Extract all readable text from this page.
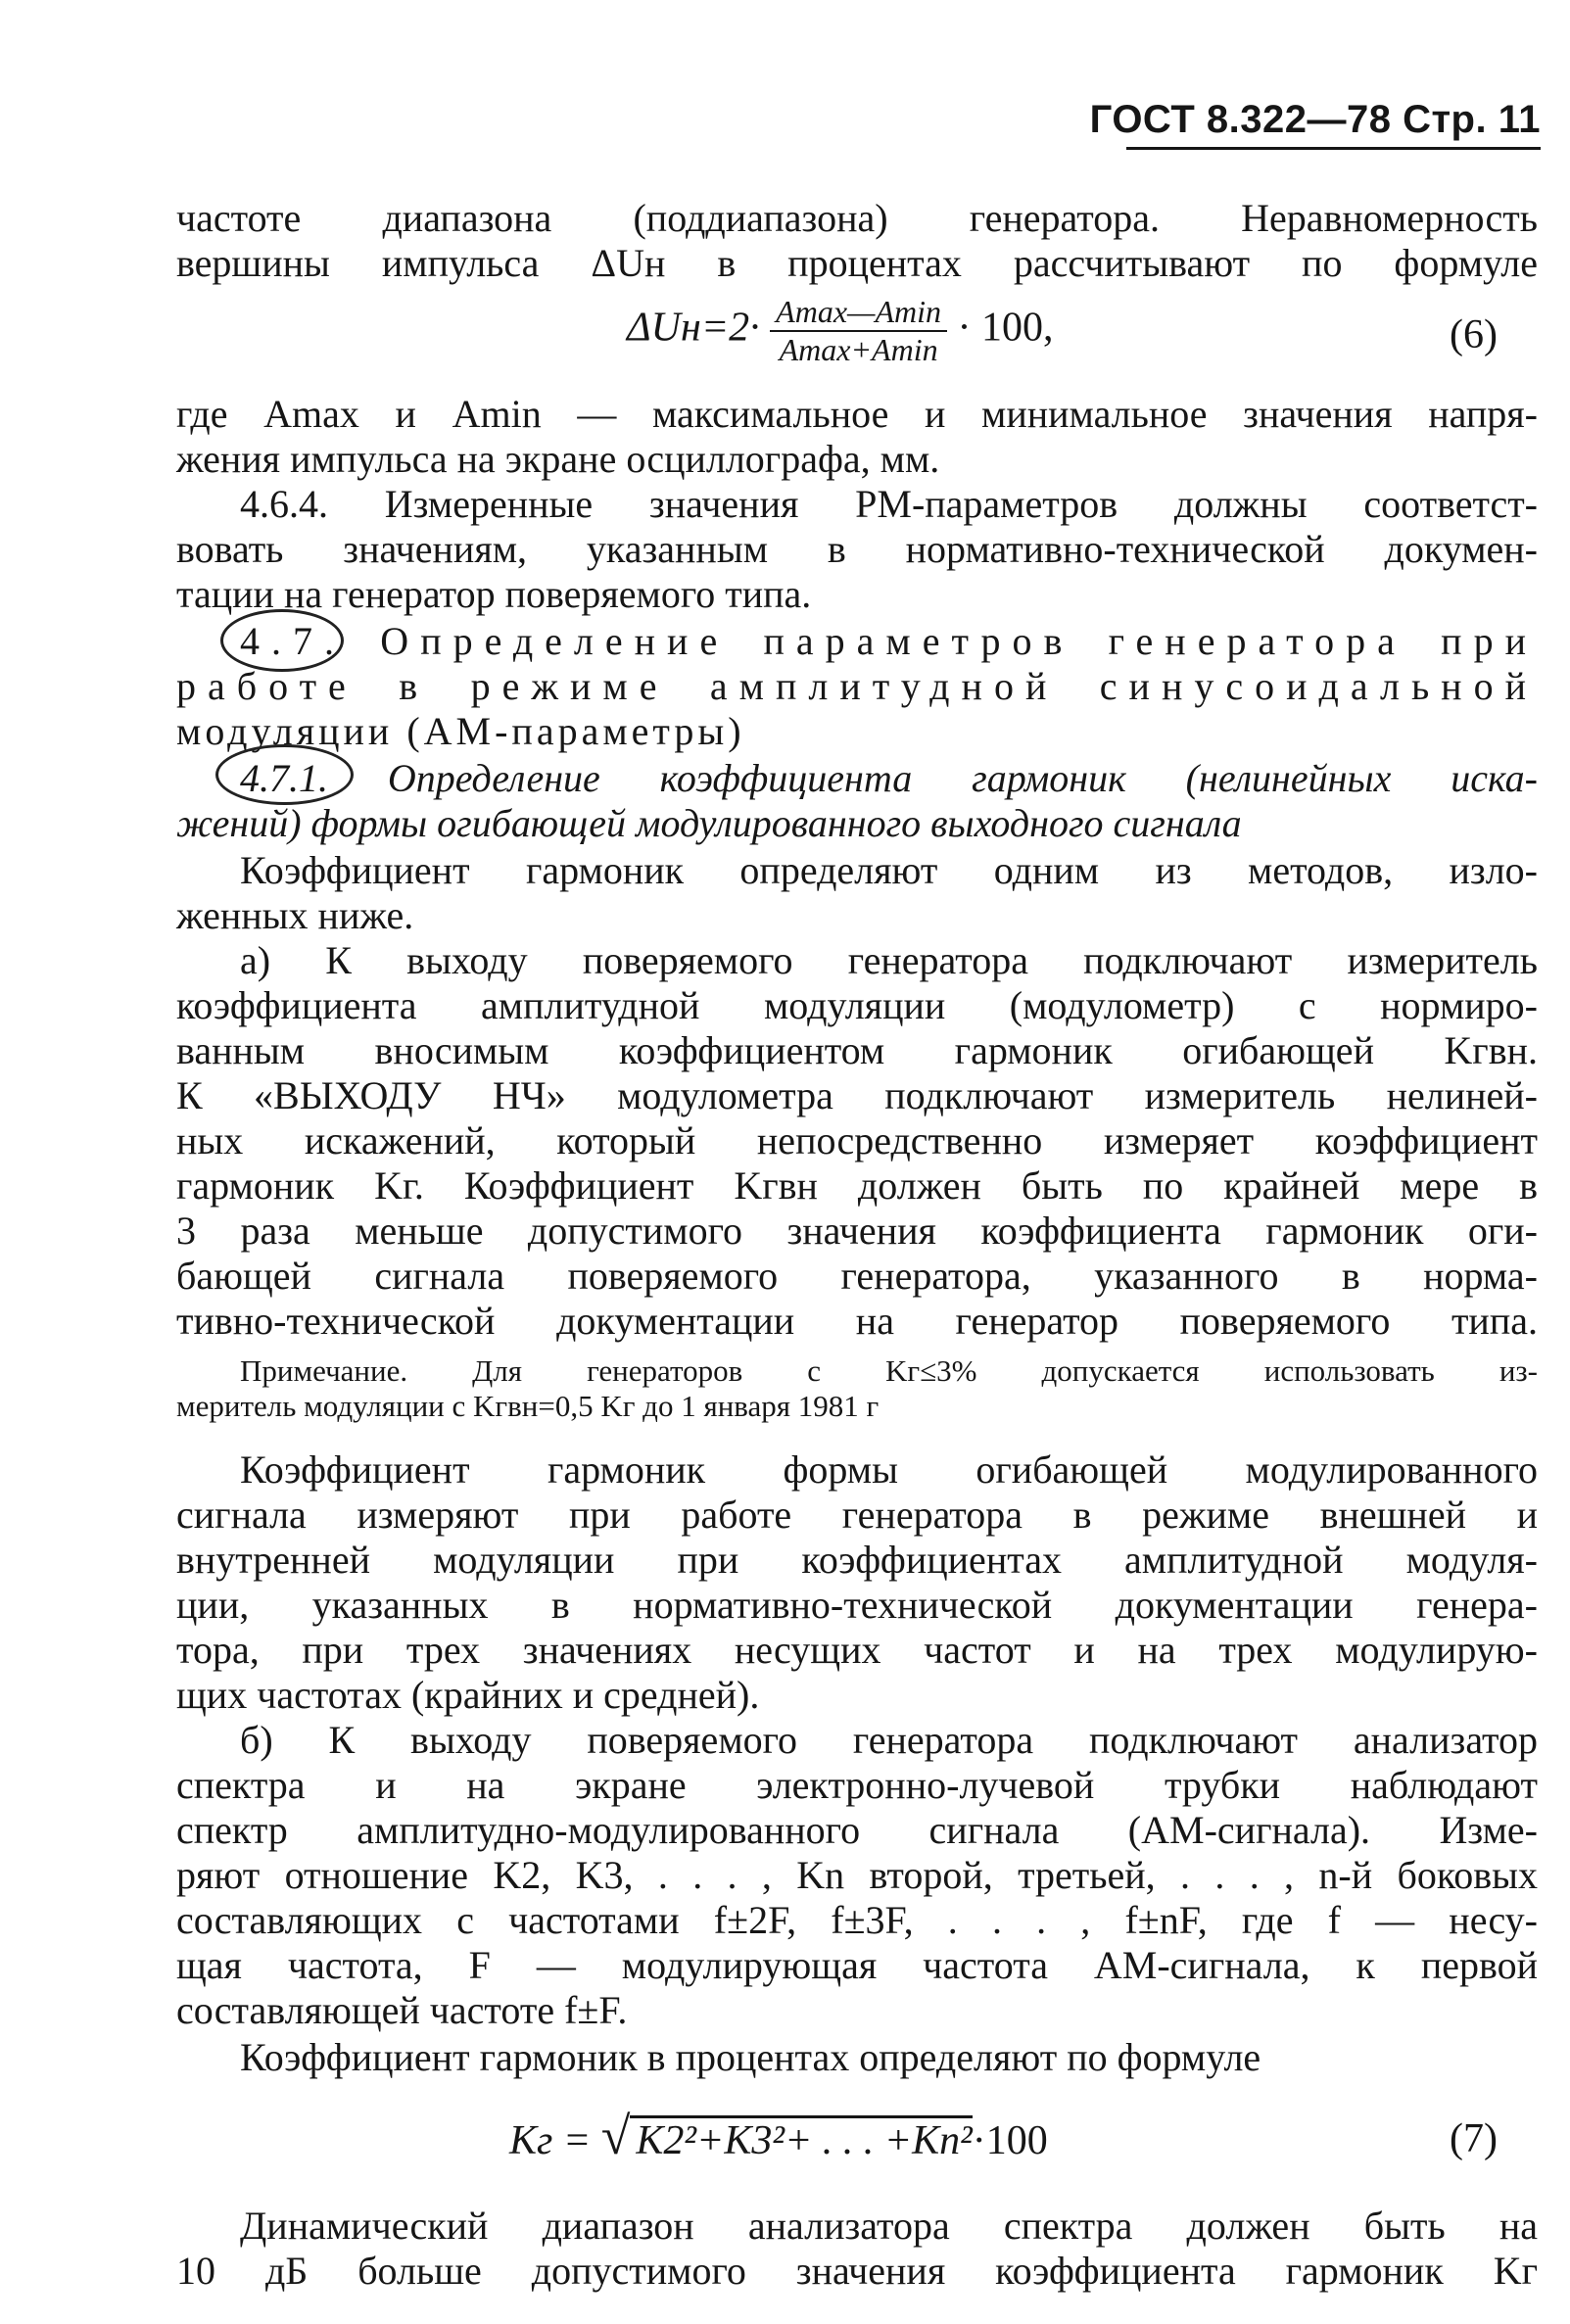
ГОСТ 8.322—78 Стр. 11
частоте диапазона (поддиапазона) генератора. Неравномерность
вершины импульса ΔUн в процентах рассчитывают по формуле
$\Delta Uн=2\cdot \frac{Amax—Amin}{Amax+Amin} \cdot 100$,	(6)
где Amax и Amin — максимальное и минимальное значения напря-
жения импульса на экране осциллографа, мм.
4.6.4. Измеренные значения РМ-параметров должны соответст-
вовать значениям, указанным в нормативно-технической докумен-
тации на генератор поверяемого типа.
4.7. Определение параметров генератора при
работе в режиме амплитудной синусоидальной
модуляции (АМ-параметры)
4.7.1. Определение коэффициента гармоник (нелинейных иска-
жений) формы огибающей модулированного выходного сигнала
Коэффициент гармоник определяют одним из методов, изло-
женных ниже.
а) К выходу поверяемого генератора подключают измеритель
коэффициента амплитудной модуляции (модулометр) с нормиро-
ванным вносимым коэффициентом гармоник огибающей Kгвн.
К «ВЫХОДУ НЧ» модулометра подключают измеритель нелиней-
ных искажений, который непосредственно измеряет коэффициент
гармоник Kг. Коэффициент Kгвн должен быть по крайней мере в
3 раза меньше допустимого значения коэффициента гармоник оги-
бающей сигнала поверяемого генератора, указанного в норма-
тивно-технической документации на генератор поверяемого типа.
Примечание. Для генераторов с Kг≤3% допускается использовать из-
меритель модуляции с Kгвн=0,5 Kг до 1 января 1981 г
Коэффициент гармоник формы огибающей модулированного
сигнала измеряют при работе генератора в режиме внешней и
внутренней модуляции при коэффициентах амплитудной модуля-
ции, указанных в нормативно-технической документации генера-
тора, при трех значениях несущих частот и на трех модулирую-
щих частотах (крайних и средней).
б) К выходу поверяемого генератора подключают анализатор
спектра и на экране электронно-лучевой трубки наблюдают
спектр амплитудно-модулированного сигнала (АМ-сигнала). Изме-
ряют отношение K2, K3, . . . , Kn второй, третьей, . . . , n-й боковых
составляющих с частотами f±2F, f±3F, . . . , f±nF, где f — несу-
щая частота, F — модулирующая частота АМ-сигнала, к первой
составляющей частоте f±F.
Коэффициент гармоник в процентах определяют по формуле
Kг = √ K2²+K3²+ . . . +Kn²·100	(7)
Динамический диапазон анализатора спектра должен быть на
10 дБ больше допустимого значения коэффициента гармоник Kг
